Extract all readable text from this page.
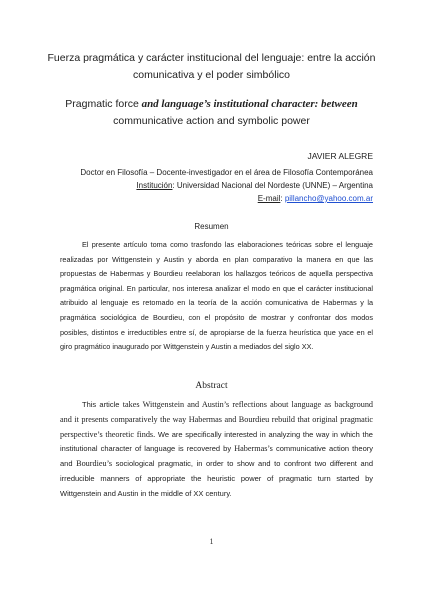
Fuerza pragmática y carácter institucional del lenguaje: entre la acción
comunicativa y el poder simbólico
Pragmatic force and language’s institutional character: between
communicative action and symbolic power
JAVIER ALEGRE
Doctor en Filosofía – Docente-investigador en el área de Filosofía Contemporánea
Institución: Universidad Nacional del Nordeste (UNNE) – Argentina
E-mail: pillancho@yahoo.com.ar
Resumen
El presente artículo toma como trasfondo las elaboraciones teóricas sobre el lenguaje realizadas por Wittgenstein y Austin y aborda en plan comparativo la manera en que las propuestas de Habermas y Bourdieu reelaboran los hallazgos teóricos de aquella perspectiva pragmática original. En particular, nos interesa analizar el modo en que el carácter institucional atribuido al lenguaje es retomado en la teoría de la acción comunicativa de Habermas y la pragmática sociológica de Bourdieu, con el propósito de mostrar y confrontar dos modos posibles, distintos e irreductibles entre sí, de apropiarse de la fuerza heurística que yace en el giro pragmático inaugurado por Wittgenstein y Austin a mediados del siglo XX.
Abstract
This article takes Wittgenstein and Austin’s reflections about language as background and it presents comparatively the way Habermas and Bourdieu rebuild that original pragmatic perspective’s theoretic finds. We are specifically interested in analyzing the way in which the institutional character of language is recovered by Habermas’s communicative action theory and Bourdieu’s sociological pragmatic, in order to show and to confront two different and irreducible manners of appropriate the heuristic power of pragmatic turn started by Wittgenstein and Austin in the middle of XX century.
1
